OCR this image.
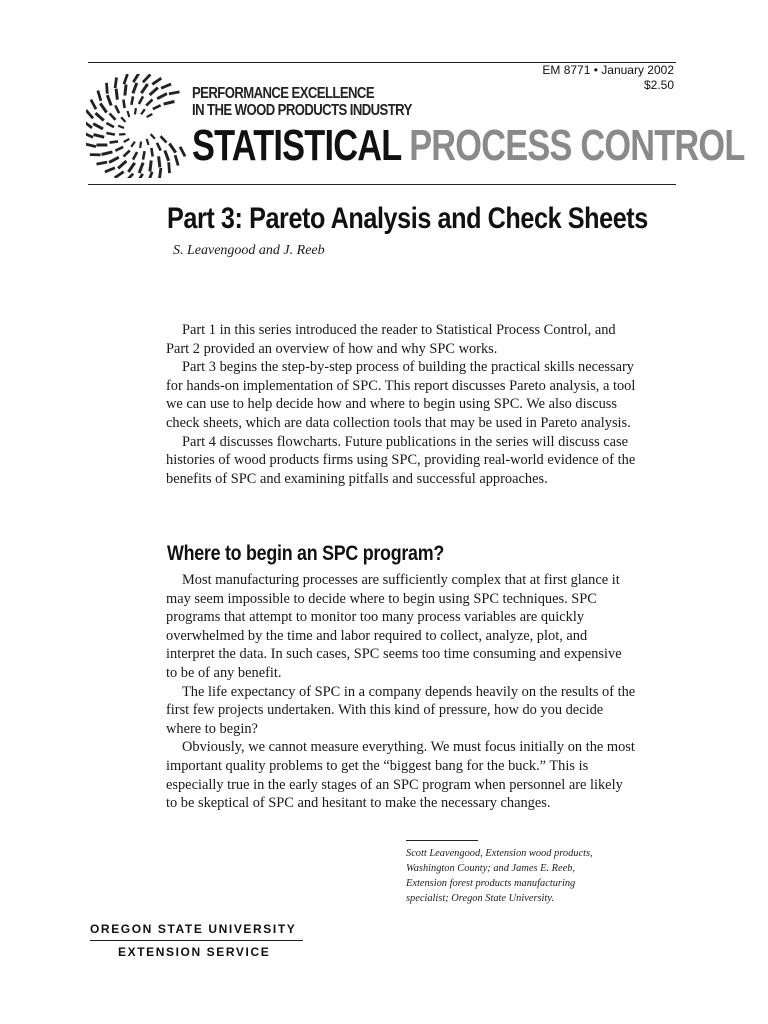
EM 8771 • January 2002
$2.50
PERFORMANCE EXCELLENCE
IN THE WOOD PRODUCTS INDUSTRY
STATISTICAL PROCESS CONTROL
Part 3: Pareto Analysis and Check Sheets
S. Leavengood and J. Reeb

Part 1 in this series introduced the reader to Statistical Process Control, and Part 2 provided an overview of how and why SPC works.

Part 3 begins the step-by-step process of building the practical skills necessary for hands-on implementation of SPC. This report discusses Pareto analysis, a tool we can use to help decide how and where to begin using SPC. We also discuss check sheets, which are data collection tools that may be used in Pareto analysis.

Part 4 discusses flowcharts. Future publications in the series will discuss case histories of wood products firms using SPC, providing real-world evidence of the benefits of SPC and examining pitfalls and successful approaches.

Where to begin an SPC program?

Most manufacturing processes are sufficiently complex that at first glance it may seem impossible to decide where to begin using SPC techniques. SPC programs that attempt to monitor too many process variables are quickly overwhelmed by the time and labor required to collect, analyze, plot, and interpret the data. In such cases, SPC seems too time consuming and expensive to be of any benefit.

The life expectancy of SPC in a company depends heavily on the results of the first few projects undertaken. With this kind of pressure, how do you decide where to begin?

Obviously, we cannot measure everything. We must focus initially on the most important quality problems to get the “biggest bang for the buck.” This is especially true in the early stages of an SPC program when personnel are likely to be skeptical of SPC and hesitant to make the necessary changes.

Scott Leavengood, Extension wood products,
Washington County; and James E. Reeb,
Extension forest products manufacturing
specialist; Oregon State University.
OREGON STATE UNIVERSITY
EXTENSION SERVICE
